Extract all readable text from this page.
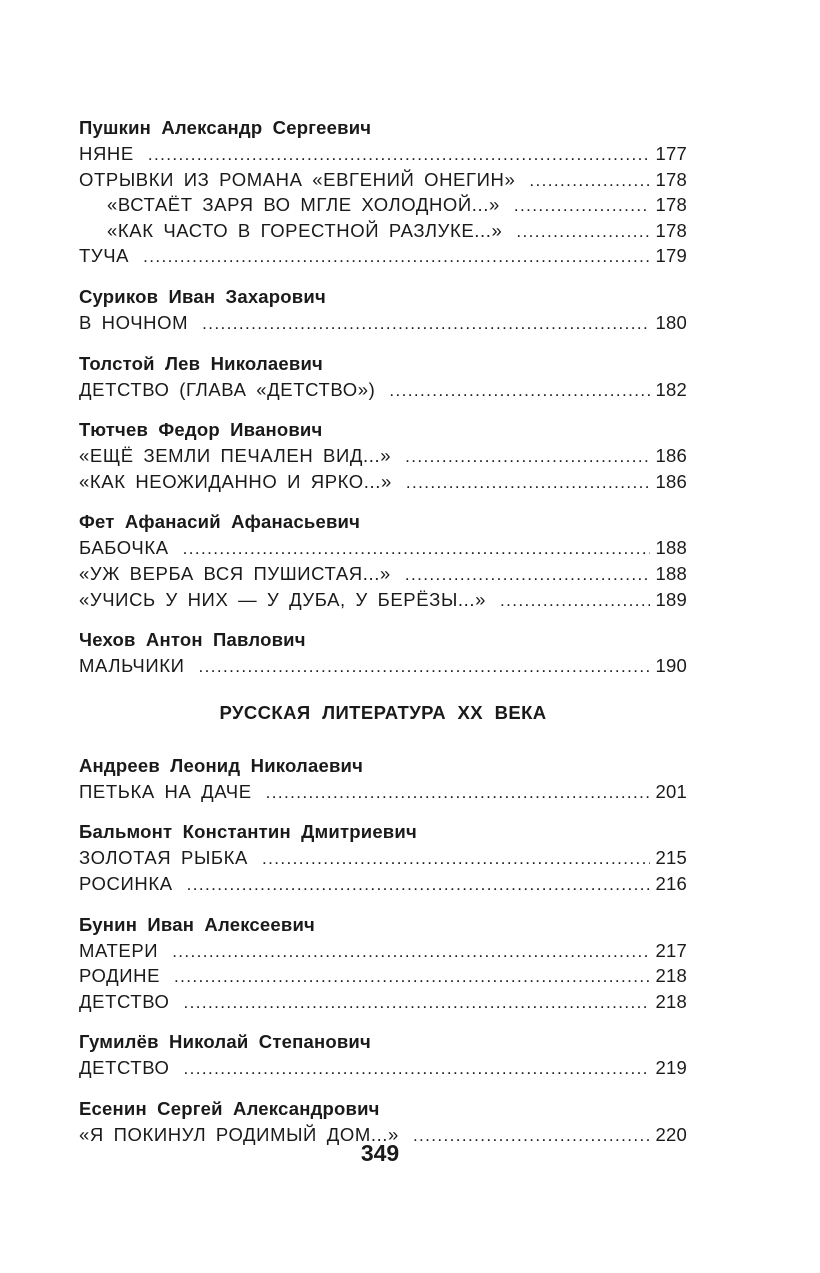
Пушкин Александр Сергеевич
НЯНЕ .....	177
ОТРЫВКИ ИЗ РОМАНА «ЕВГЕНИЙ ОНЕГИН» .....	178
«ВСТАЁТ ЗАРЯ ВО МГЛЕ ХОЛОДНОЙ...» .....	178
«КАК ЧАСТО В ГОРЕСТНОЙ РАЗЛУКЕ...» .....	178
ТУЧА .....	179
Суриков Иван Захарович
В НОЧНОМ .....	180
Толстой Лев Николаевич
ДЕТСТВО (ГЛАВА «ДЕТСТВО») .....	182
Тютчев Федор Иванович
«ЕЩЁ ЗЕМЛИ ПЕЧАЛЕН ВИД...» .....	186
«КАК НЕОЖИДАННО И ЯРКО...» .....	186
Фет Афанасий Афанасьевич
БАБОЧКА .....	188
«УЖ ВЕРБА ВСЯ ПУШИСТАЯ...» .....	188
«УЧИСЬ У НИХ — У ДУБА, У БЕРЁЗЫ...» .....	189
Чехов Антон Павлович
МАЛЬЧИКИ .....	190
РУССКАЯ ЛИТЕРАТУРА XX ВЕКА
Андреев Леонид Николаевич
ПЕТЬКА НА ДАЧЕ .....	201
Бальмонт Константин Дмитриевич
ЗОЛОТАЯ РЫБКА .....	215
РОСИНКА .....	216
Бунин Иван Алексеевич
МАТЕРИ .....	217
РОДИНЕ .....	218
ДЕТСТВО .....	218
Гумилёв Николай Степанович
ДЕТСТВО .....	219
Есенин Сергей Александрович
«Я ПОКИНУЛ РОДИМЫЙ ДОМ...» .....	220
349
